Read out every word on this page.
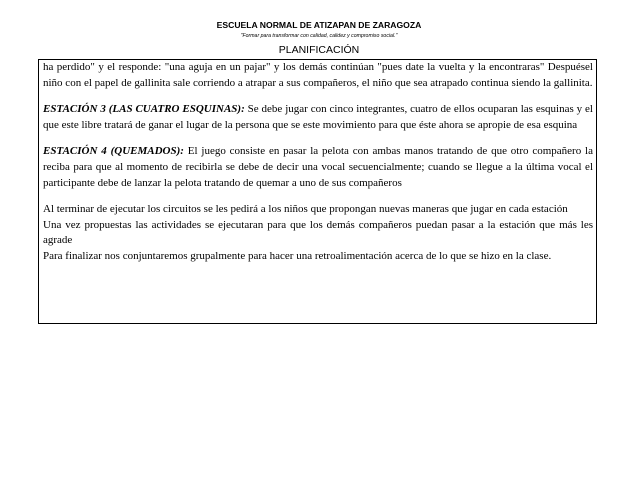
ESCUELA NORMAL DE ATIZAPAN DE ZARAGOZA
"Formar para transformar con calidad, calidez y compromiso social."
PLANIFICACIÓN

ha perdido" y el responde: "una aguja en un pajar" y los demás continúan "pues date la vuelta y la encontraras" Despuésel niño con el papel de gallinita sale corriendo a atrapar a sus compañeros, el niño que sea atrapado continua siendo la gallinita.

ESTACIÓN 3 (LAS CUATRO ESQUINAS): Se debe jugar con cinco integrantes, cuatro de ellos ocuparan las esquinas y el que este libre tratará de ganar el lugar de la persona que se este movimiento para que éste ahora se apropie de esa esquina

ESTACIÓN 4 (QUEMADOS): El juego consiste en pasar la pelota con ambas manos tratando de que otro compañero la reciba para que al momento de recibirla se debe de decir una vocal secuencialmente; cuando se llegue a la última vocal el participante debe de lanzar la pelota tratando de quemar a uno de sus compañeros

Al terminar de ejecutar los circuitos se les pedirá a los niños que propongan nuevas maneras que jugar en cada estación

Una vez propuestas las actividades se ejecutaran para que los demás compañeros puedan pasar a la estación que más les agrade

Para finalizar nos conjuntaremos grupalmente para hacer una retroalimentación acerca de lo que se hizo en la clase.
